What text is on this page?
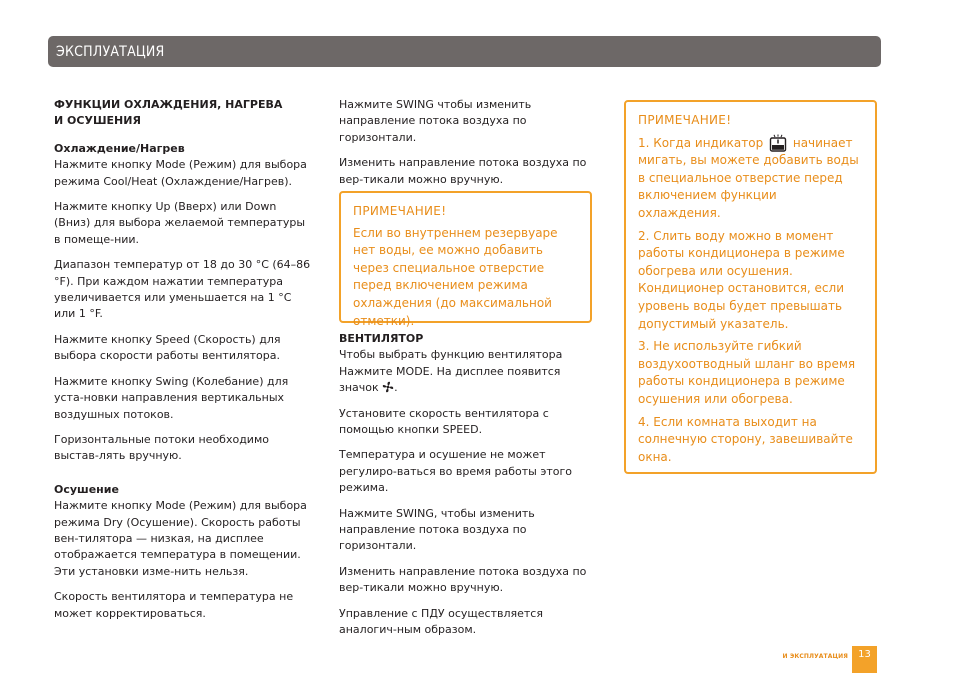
ЭКСПЛУАТАЦИЯ
ФУНКЦИИ ОХЛАЖДЕНИЯ, НАГРЕВА
И ОСУШЕНИЯ

Охлаждение/Нагрев
Нажмите кнопку Mode (Режим) для выбора режима Cool/Heat (Охлаждение/Нагрев).

Нажмите кнопку Up (Вверх) или Down (Вниз) для выбора желаемой температуры в помеще-нии.

Диапазон температур от 18 до 30 °C (64–86 °F). При каждом нажатии температура увеличивается или уменьшается на 1 °C или 1 °F.

Нажмите кнопку Speed (Скорость) для выбора скорости работы вентилятора.

Нажмите кнопку Swing (Колебание) для уста-новки направления вертикальных воздушных потоков.

Горизонтальные потоки необходимо выстав-лять вручную.

Осушение
Нажмите кнопку Mode (Режим) для выбора режима Dry (Осушение). Скорость работы вен-тилятора — низкая, на дисплее отображается температура в помещении. Эти установки изме-нить нельзя.

Скорость вентилятора и температура не может корректироваться.

Нажмите SWING чтобы изменить направление потока воздуха по горизонтали.

Изменить направление потока воздуха по вер-тикали можно вручную.

ПРИМЕЧАНИЕ!
Если во внутреннем резервуаре нет воды, ее можно добавить через специальное отверстие перед включением режима охлаждения (до максимальной отметки).
ВЕНТИЛЯТОР

Чтобы выбрать функцию вентилятора Нажмите MODE. На дисплее появится значок .

Установите скорость вентилятора с помощью кнопки SPEED.

Температура и осушение не может регулиро-ваться во время работы этого режима.

Нажмите SWING, чтобы изменить направление потока воздуха по горизонтали.

Изменить направление потока воздуха по вер-тикали можно вручную.

Управление с ПДУ осуществляется аналогич-ным образом.

ПРИМЕЧАНИЕ!

1. Когда индикатор начинает мигать, вы можете добавить воды в специальное отверстие перед включением функции охлаждения.

2. Слить воду можно в момент работы кондиционера в режиме обогрева или осушения. Кондиционер остановится, если уровень воды будет превышать допустимый указатель.

3. Не используйте гибкий воздухоотводный шланг во время работы кондиционера в режиме осушения или обогрева.

4. Если комната выходит на солнечную сторону, завешивайте окна.

И ЭКСПЛУАТАЦИЯ	13
